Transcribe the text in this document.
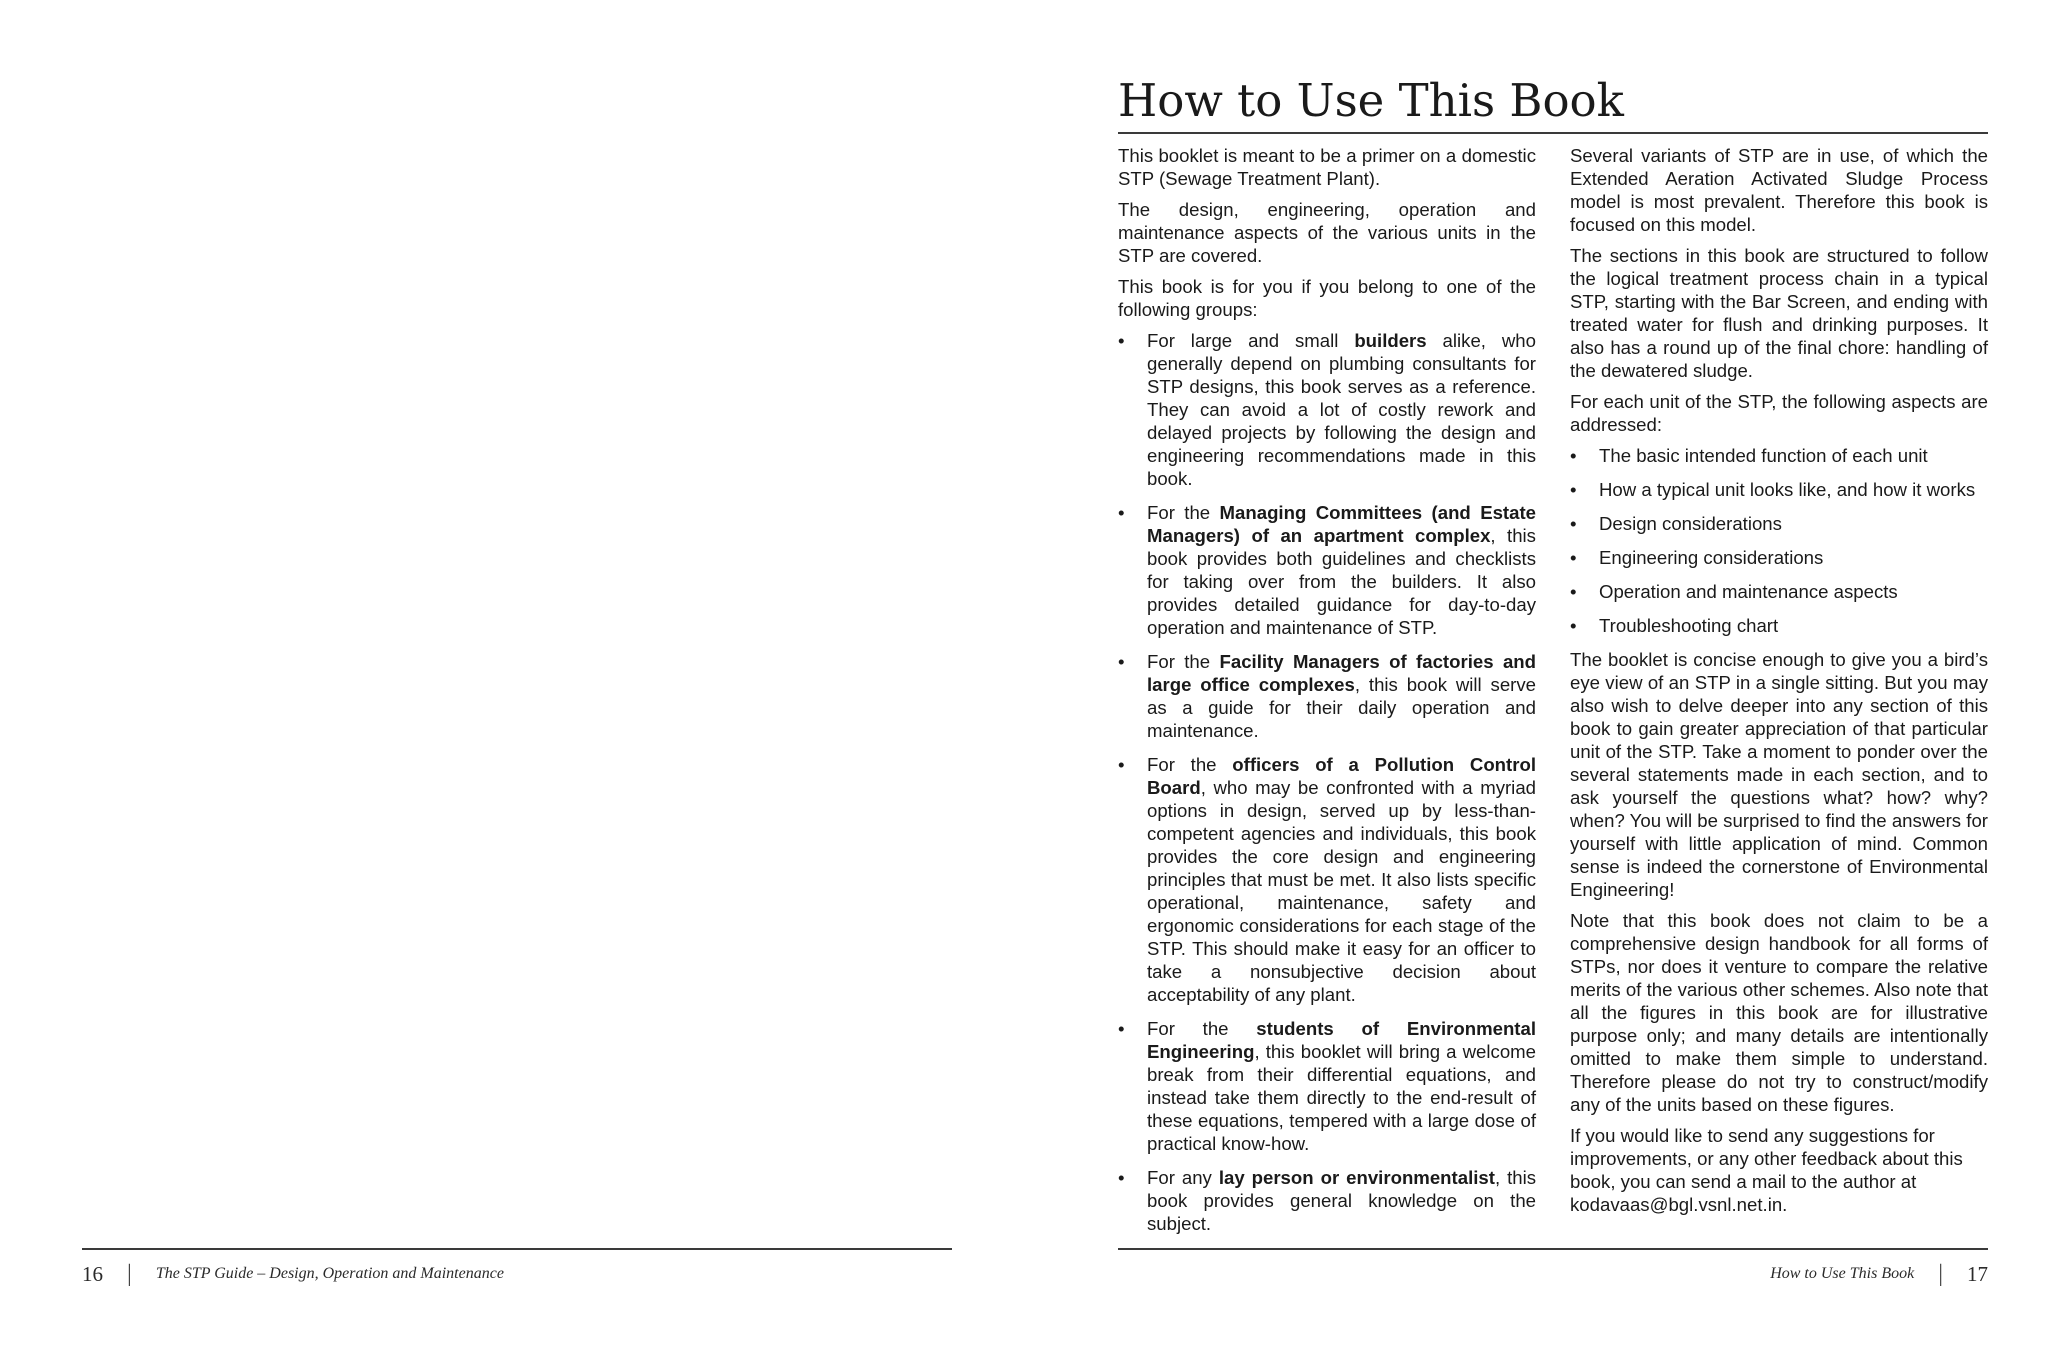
16 | The STP Guide – Design, Operation and Maintenance
How to Use This Book

This booklet is meant to be a primer on a domestic STP (Sewage Treatment Plant).

The design, engineering, operation and maintenance aspects of the various units in the STP are covered.

This book is for you if you belong to one of the following groups:

• For large and small builders alike, who generally depend on plumbing consultants for STP designs, this book serves as a reference. They can avoid a lot of costly rework and delayed projects by following the design and engineering recommendations made in this book.
• For the Managing Committees (and Estate Managers) of an apartment complex, this book provides both guidelines and checklists for taking over from the builders. It also provides detailed guidance for day-to-day operation and maintenance of STP.
• For the Facility Managers of factories and large office complexes, this book will serve as a guide for their daily operation and maintenance.
• For the officers of a Pollution Control Board, who may be confronted with a myriad options in design, served up by less-than-competent agencies and individuals, this book provides the core design and engineering principles that must be met. It also lists specific operational, maintenance, safety and ergonomic considerations for each stage of the STP. This should make it easy for an officer to take a nonsubjective decision about acceptability of any plant.
• For the students of Environmental Engineering, this booklet will bring a welcome break from their differential equations, and instead take them directly to the end-result of these equations, tempered with a large dose of practical know-how.
• For any lay person or environmentalist, this book provides general knowledge on the subject.

Several variants of STP are in use, of which the Extended Aeration Activated Sludge Process model is most prevalent. Therefore this book is focused on this model.

The sections in this book are structured to follow the logical treatment process chain in a typical STP, starting with the Bar Screen, and ending with treated water for flush and drinking purposes. It also has a round up of the final chore: handling of the dewatered sludge.

For each unit of the STP, the following aspects are addressed:

• The basic intended function of each unit
• How a typical unit looks like, and how it works
• Design considerations
• Engineering considerations
• Operation and maintenance aspects
• Troubleshooting chart

The booklet is concise enough to give you a bird’s eye view of an STP in a single sitting. But you may also wish to delve deeper into any section of this book to gain greater appreciation of that particular unit of the STP. Take a moment to ponder over the several statements made in each section, and to ask yourself the questions what? how? why? when? You will be surprised to find the answers for yourself with little application of mind. Common sense is indeed the cornerstone of Environmental Engineering!

Note that this book does not claim to be a comprehensive design handbook for all forms of STPs, nor does it venture to compare the relative merits of the various other schemes. Also note that all the figures in this book are for illustrative purpose only; and many details are intentionally omitted to make them simple to understand. Therefore please do not try to construct/modify any of the units based on these figures.

If you would like to send any suggestions for improvements, or any other feedback about this book, you can send a mail to the author at kodavaas@bgl.vsnl.net.in.

How to Use This Book | 17
